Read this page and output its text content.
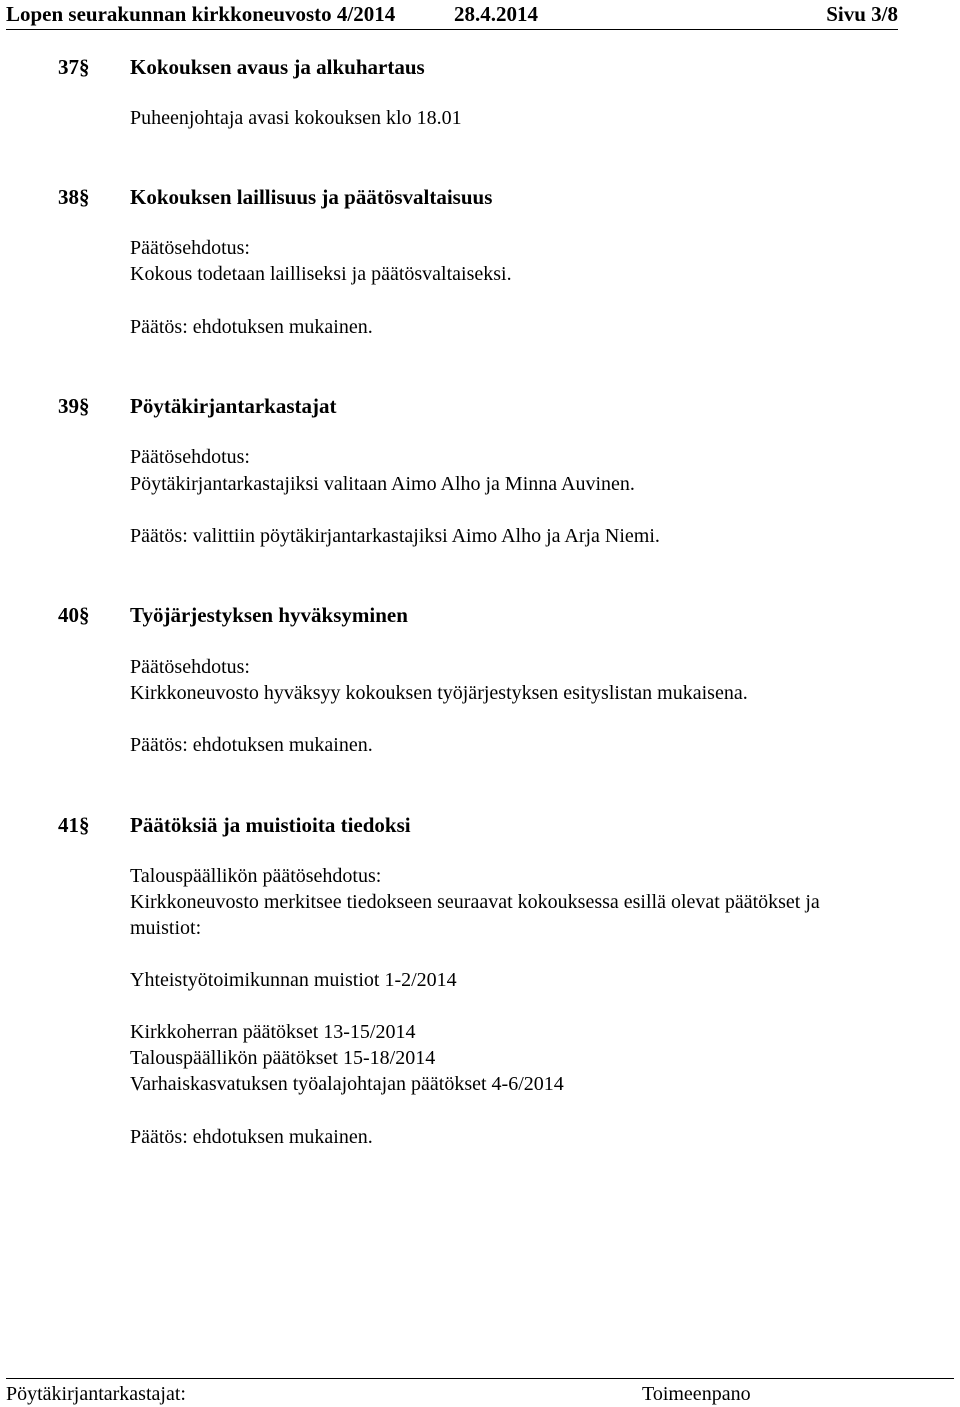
Lopen seurakunnan kirkkoneuvosto 4/2014	28.4.2014	Sivu 3/8
37§ Kokouksen avaus ja alkuhartaus
Puheenjohtaja avasi kokouksen klo 18.01
38§ Kokouksen laillisuus ja päätösvaltaisuus
Päätösehdotus:
Kokous todetaan lailliseksi ja päätösvaltaiseksi.
Päätös: ehdotuksen mukainen.
39§ Pöytäkirjantarkastajat
Päätösehdotus:
Pöytäkirjantarkastajiksi valitaan Aimo Alho ja Minna Auvinen.
Päätös: valittiin pöytäkirjantarkastajiksi Aimo Alho ja Arja Niemi.
40§ Työjärjestyksen hyväksyminen
Päätösehdotus:
Kirkkoneuvosto hyväksyy kokouksen työjärjestyksen esityslistan mukaisena.
Päätös: ehdotuksen mukainen.
41§ Päätöksiä ja muistioita tiedoksi
Talouspäällikön päätösehdotus:
Kirkkoneuvosto merkitsee tiedokseen seuraavat kokouksessa esillä olevat päätökset ja
muistiot:
Yhteistyötoimikunnan muistiot 1-2/2014
Kirkkoherran päätökset 13-15/2014
Talouspäällikön päätökset 15-18/2014
Varhaiskasvatuksen työalajohtajan päätökset 4-6/2014
Päätös: ehdotuksen mukainen.
Pöytäkirjantarkastajat:	Toimeenpano
